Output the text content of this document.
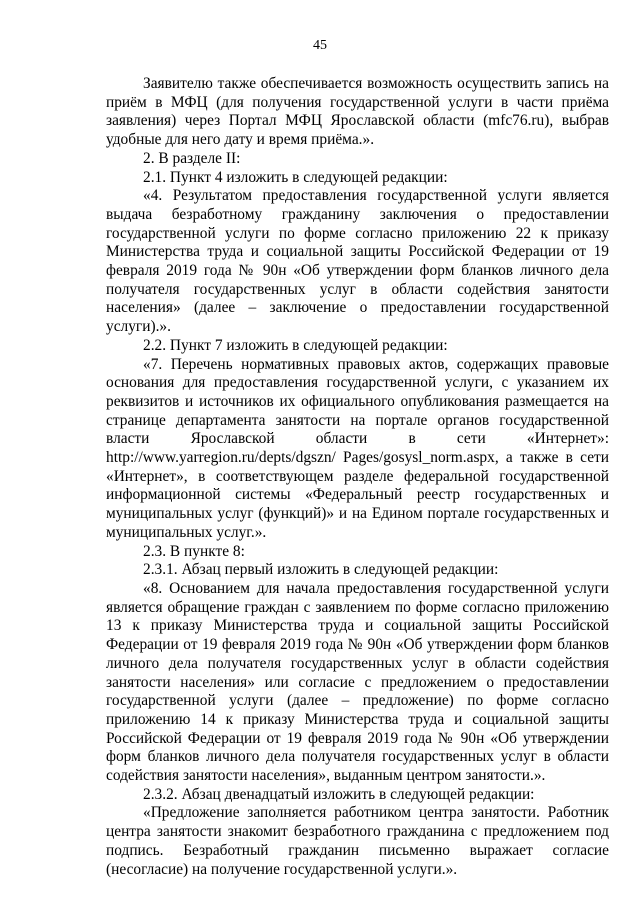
45

Заявителю также обеспечивается возможность осуществить запись на приём в МФЦ (для получения государственной услуги в части приёма заявления) через Портал МФЦ Ярославской области (mfc76.ru), выбрав удобные для него дату и время приёма.».

2. В разделе II:

2.1. Пункт 4 изложить в следующей редакции:

«4. Результатом предоставления государственной услуги является выдача безработному гражданину заключения о предоставлении государственной услуги по форме согласно приложению 22 к приказу Министерства труда и социальной защиты Российской Федерации от 19 февраля 2019 года № 90н «Об утверждении форм бланков личного дела получателя государственных услуг в области содействия занятости населения» (далее – заключение о предоставлении государственной услуги).».

2.2. Пункт 7 изложить в следующей редакции:

«7. Перечень нормативных правовых актов, содержащих правовые основания для предоставления государственной услуги, с указанием их реквизитов и источников их официального опубликования размещается на странице департамента занятости на портале органов государственной власти Ярославской области в сети «Интернет»: http://www.yarregion.ru/depts/dgszn/ Pages/gosysl_norm.aspx, а также в сети «Интернет», в соответствующем разделе федеральной государственной информационной системы «Федеральный реестр государственных и муниципальных услуг (функций)» и на Едином портале государственных и муниципальных услуг.».

2.3. В пункте 8:

2.3.1. Абзац первый изложить в следующей редакции:

«8. Основанием для начала предоставления государственной услуги является обращение граждан с заявлением по форме согласно приложению 13 к приказу Министерства труда и социальной защиты Российской Федерации от 19 февраля 2019 года № 90н «Об утверждении форм бланков личного дела получателя государственных услуг в области содействия занятости населения» или согласие с предложением о предоставлении государственной услуги (далее – предложение) по форме согласно приложению 14 к приказу Министерства труда и социальной защиты Российской Федерации от 19 февраля 2019 года № 90н «Об утверждении форм бланков личного дела получателя государственных услуг в области содействия занятости населения», выданным центром занятости.».

2.3.2. Абзац двенадцатый изложить в следующей редакции:

«Предложение заполняется работником центра занятости. Работник центра занятости знакомит безработного гражданина с предложением под подпись. Безработный гражданин письменно выражает согласие (несогласие) на получение государственной услуги.».
